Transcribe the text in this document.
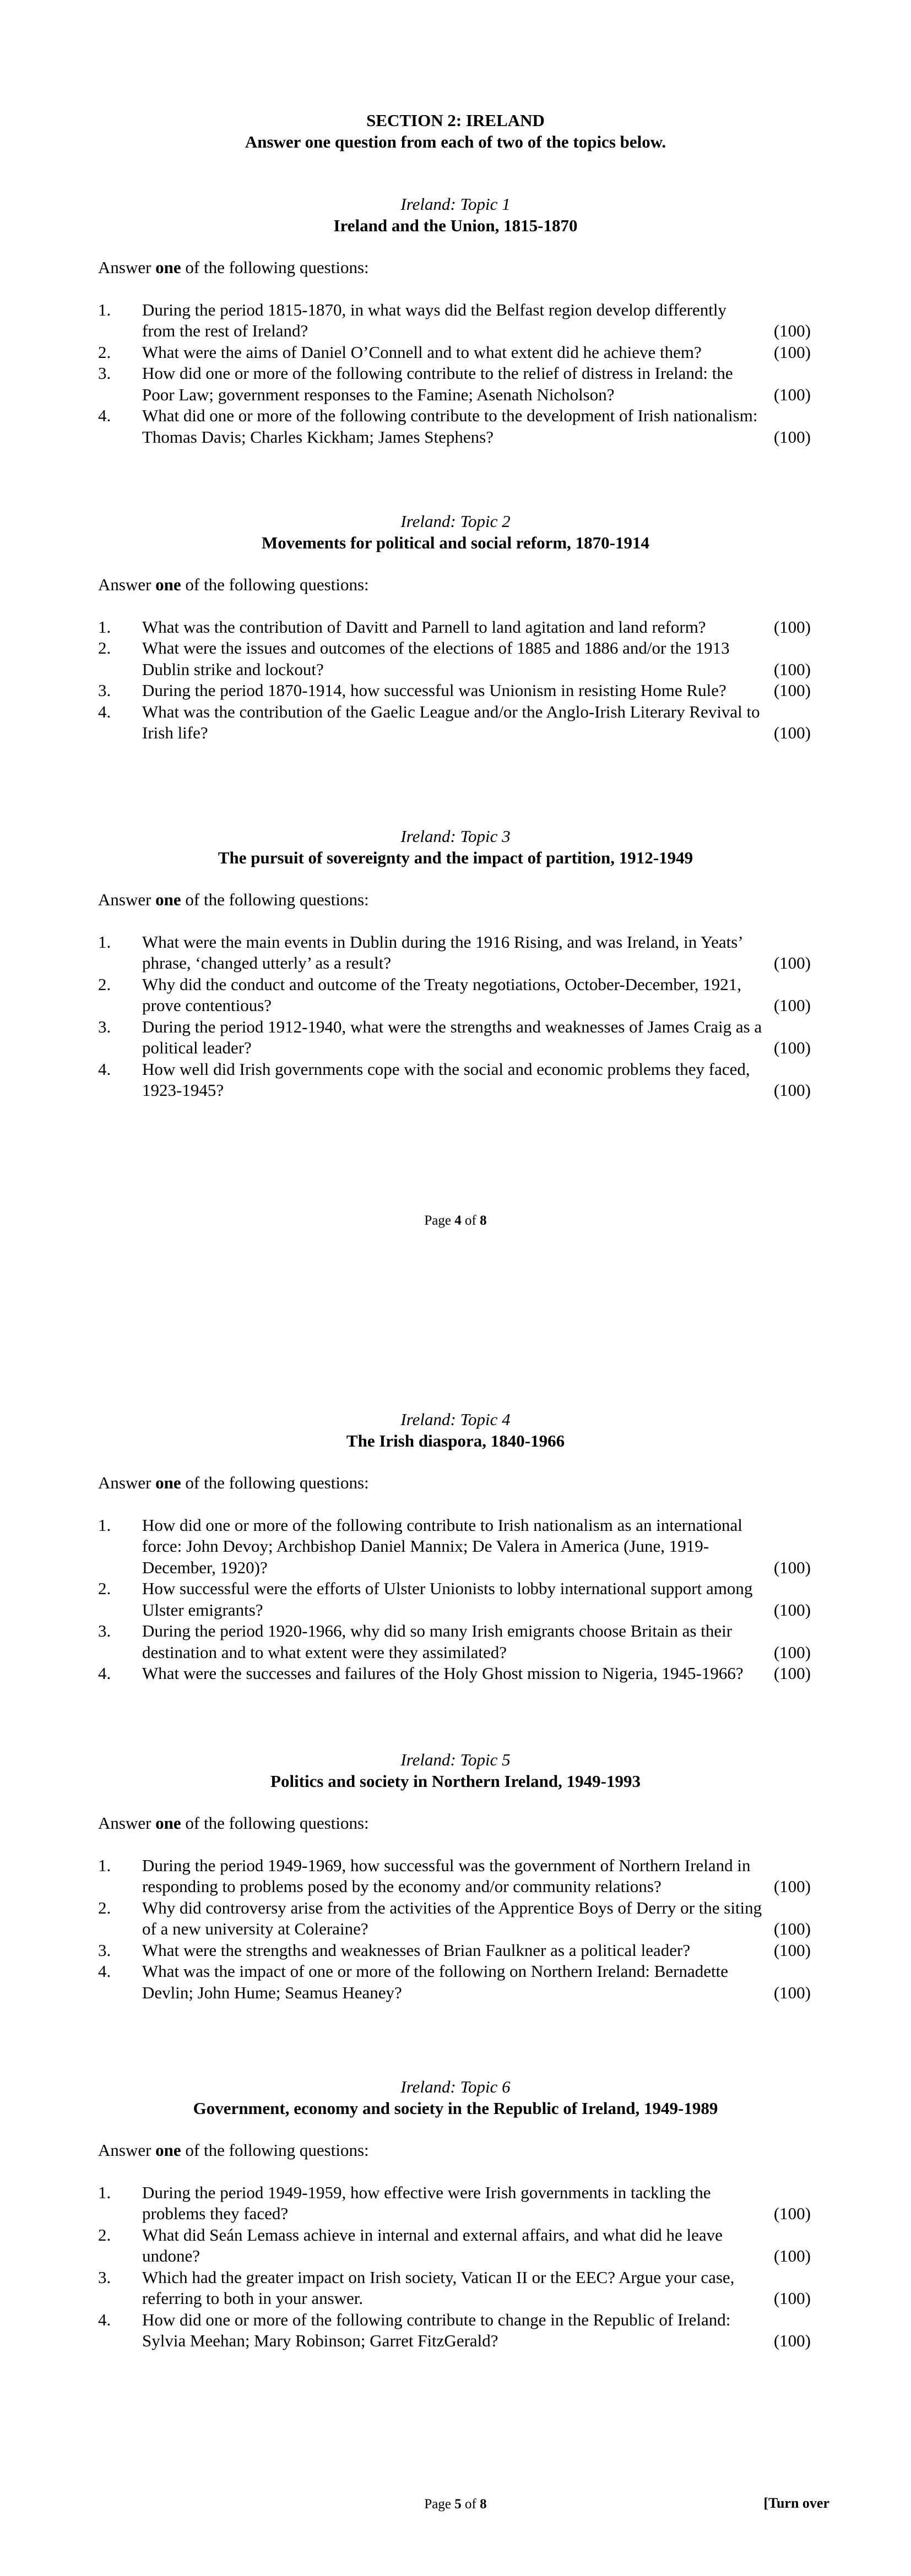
SECTION 2: IRELAND
Answer one question from each of two of the topics below.
Ireland: Topic 1
Ireland and the Union, 1815-1870
Answer one of the following questions:
1. During the period 1815-1870, in what ways did the Belfast region develop differently from the rest of Ireland?	(100)
2. What were the aims of Daniel O’Connell and to what extent did he achieve them?	(100)
3. How did one or more of the following contribute to the relief of distress in Ireland: the Poor Law; government responses to the Famine; Asenath Nicholson?	(100)
4. What did one or more of the following contribute to the development of Irish nationalism: Thomas Davis; Charles Kickham; James Stephens?	(100)
Ireland: Topic 2
Movements for political and social reform, 1870-1914
Answer one of the following questions:
1. What was the contribution of Davitt and Parnell to land agitation and land reform?	(100)
2. What were the issues and outcomes of the elections of 1885 and 1886 and/or the 1913 Dublin strike and lockout?	(100)
3. During the period 1870-1914, how successful was Unionism in resisting Home Rule?	(100)
4. What was the contribution of the Gaelic League and/or the Anglo-Irish Literary Revival to Irish life?	(100)
Ireland: Topic 3
The pursuit of sovereignty and the impact of partition, 1912-1949
Answer one of the following questions:
1. What were the main events in Dublin during the 1916 Rising, and was Ireland, in Yeats’ phrase, ‘changed utterly’ as a result?	(100)
2. Why did the conduct and outcome of the Treaty negotiations, October-December, 1921, prove contentious?	(100)
3. During the period 1912-1940, what were the strengths and weaknesses of James Craig as a political leader?	(100)
4. How well did Irish governments cope with the social and economic problems they faced, 1923-1945?	(100)
Page 4 of 8
Ireland: Topic 4
The Irish diaspora, 1840-1966
Answer one of the following questions:
1. How did one or more of the following contribute to Irish nationalism as an international force: John Devoy; Archbishop Daniel Mannix; De Valera in America (June, 1919-December, 1920)?	(100)
2. How successful were the efforts of Ulster Unionists to lobby international support among Ulster emigrants?	(100)
3. During the period 1920-1966, why did so many Irish emigrants choose Britain as their destination and to what extent were they assimilated?	(100)
4. What were the successes and failures of the Holy Ghost mission to Nigeria, 1945-1966?	(100)
Ireland: Topic 5
Politics and society in Northern Ireland, 1949-1993
Answer one of the following questions:
1. During the period 1949-1969, how successful was the government of Northern Ireland in responding to problems posed by the economy and/or community relations?	(100)
2. Why did controversy arise from the activities of the Apprentice Boys of Derry or the siting of a new university at Coleraine?	(100)
3. What were the strengths and weaknesses of Brian Faulkner as a political leader?	(100)
4. What was the impact of one or more of the following on Northern Ireland: Bernadette Devlin; John Hume; Seamus Heaney?	(100)
Ireland: Topic 6
Government, economy and society in the Republic of Ireland, 1949-1989
Answer one of the following questions:
1. During the period 1949-1959, how effective were Irish governments in tackling the problems they faced?	(100)
2. What did Seán Lemass achieve in internal and external affairs, and what did he leave undone?	(100)
3. Which had the greater impact on Irish society, Vatican II or the EEC? Argue your case, referring to both in your answer.	(100)
4. How did one or more of the following contribute to change in the Republic of Ireland: Sylvia Meehan; Mary Robinson; Garret FitzGerald?	(100)
Page 5 of 8	[Turn over
